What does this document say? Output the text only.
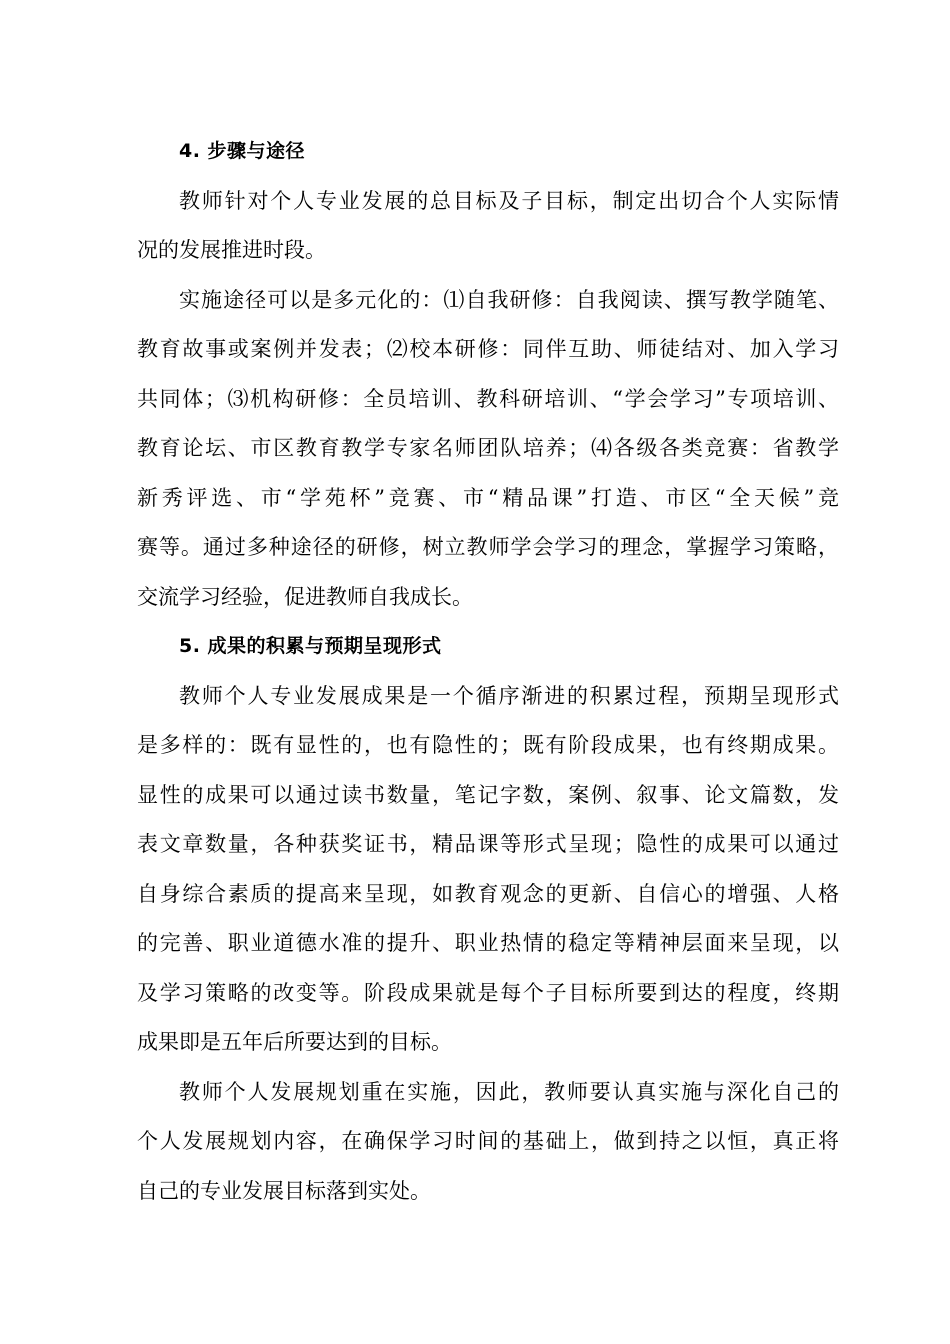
4. 步骤与途径
教师针对个人专业发展的总目标及子目标，制定出切合个人实际情
况的发展推进时段。
实施途径可以是多元化的：⑴自我研修：自我阅读、撰写教学随笔、
教育故事或案例并发表；⑵校本研修：同伴互助、师徒结对、加入学习
共同体；⑶机构研修：全员培训、教科研培训、“学会学习”专项培训、
教育论坛、市区教育教学专家名师团队培养；⑷各级各类竞赛：省教学
新秀评选、市“学苑杯”竞赛、市“精品课”打造、市区“全天候”竞
赛等。通过多种途径的研修，树立教师学会学习的理念，掌握学习策略，
交流学习经验，促进教师自我成长。
5. 成果的积累与预期呈现形式
教师个人专业发展成果是一个循序渐进的积累过程，预期呈现形式
是多样的：既有显性的，也有隐性的；既有阶段成果，也有终期成果。
显性的成果可以通过读书数量，笔记字数，案例、叙事、论文篇数，发
表文章数量，各种获奖证书，精品课等形式呈现；隐性的成果可以通过
自身综合素质的提高来呈现，如教育观念的更新、自信心的增强、人格
的完善、职业道德水准的提升、职业热情的稳定等精神层面来呈现，以
及学习策略的改变等。阶段成果就是每个子目标所要到达的程度，终期
成果即是五年后所要达到的目标。
教师个人发展规划重在实施，因此，教师要认真实施与深化自己的
个人发展规划内容，在确保学习时间的基础上，做到持之以恒，真正将
自己的专业发展目标落到实处。
